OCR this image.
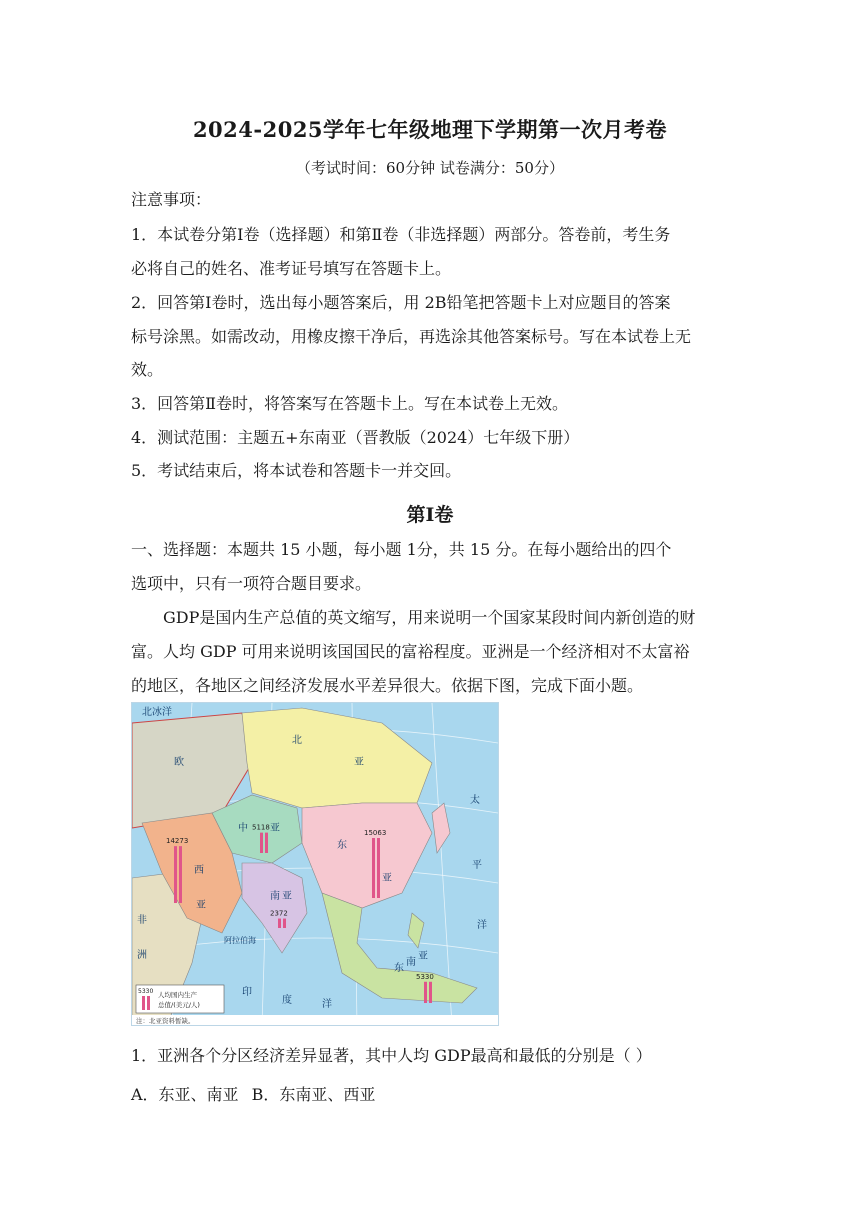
2024-2025学年七年级地理下学期第一次月考卷
（考试时间：60分钟 试卷满分：50分）
注意事项：
1．本试卷分第Ⅰ卷（选择题）和第Ⅱ卷（非选择题）两部分。答卷前，考生务
必将自己的姓名、准考证号填写在答题卡上。
2．回答第Ⅰ卷时，选出每小题答案后，用 2B铅笔把答题卡上对应题目的答案
标号涂黑。如需改动，用橡皮擦干净后，再选涂其他答案标号。写在本试卷上无
效。
3．回答第Ⅱ卷时，将答案写在答题卡上。写在本试卷上无效。
4．测试范围：主题五+东南亚（晋教版（2024）七年级下册）
5．考试结束后，将本试卷和答题卡一并交回。
第Ⅰ卷
一、选择题：本题共 15 小题，每小题 1分，共 15 分。在每小题给出的四个
选项中，只有一项符合题目要求。
GDP是国内生产总值的英文缩写，用来说明一个国家某段时间内新创造的财
富。人均 GDP 可用来说明该国国民的富裕程度。亚洲是一个经济相对不太富裕
的地区，各地区之间经济发展水平差异很大。依据下图，完成下面小题。
5118
15063
14273
2372
5330
北冰洋
欧
北
亚
中 亚
东
亚
西
亚
南 亚
东
南
亚
阿拉伯海
印
度	洋
非
洲
太
平
洋
5330 人均国内生产
总值/(美元/人)
注：北亚资料暂缺。
1．亚洲各个分区经济差异显著，其中人均 GDP最高和最低的分别是（ ）
A．东亚、南亚 B．东南亚、西亚
